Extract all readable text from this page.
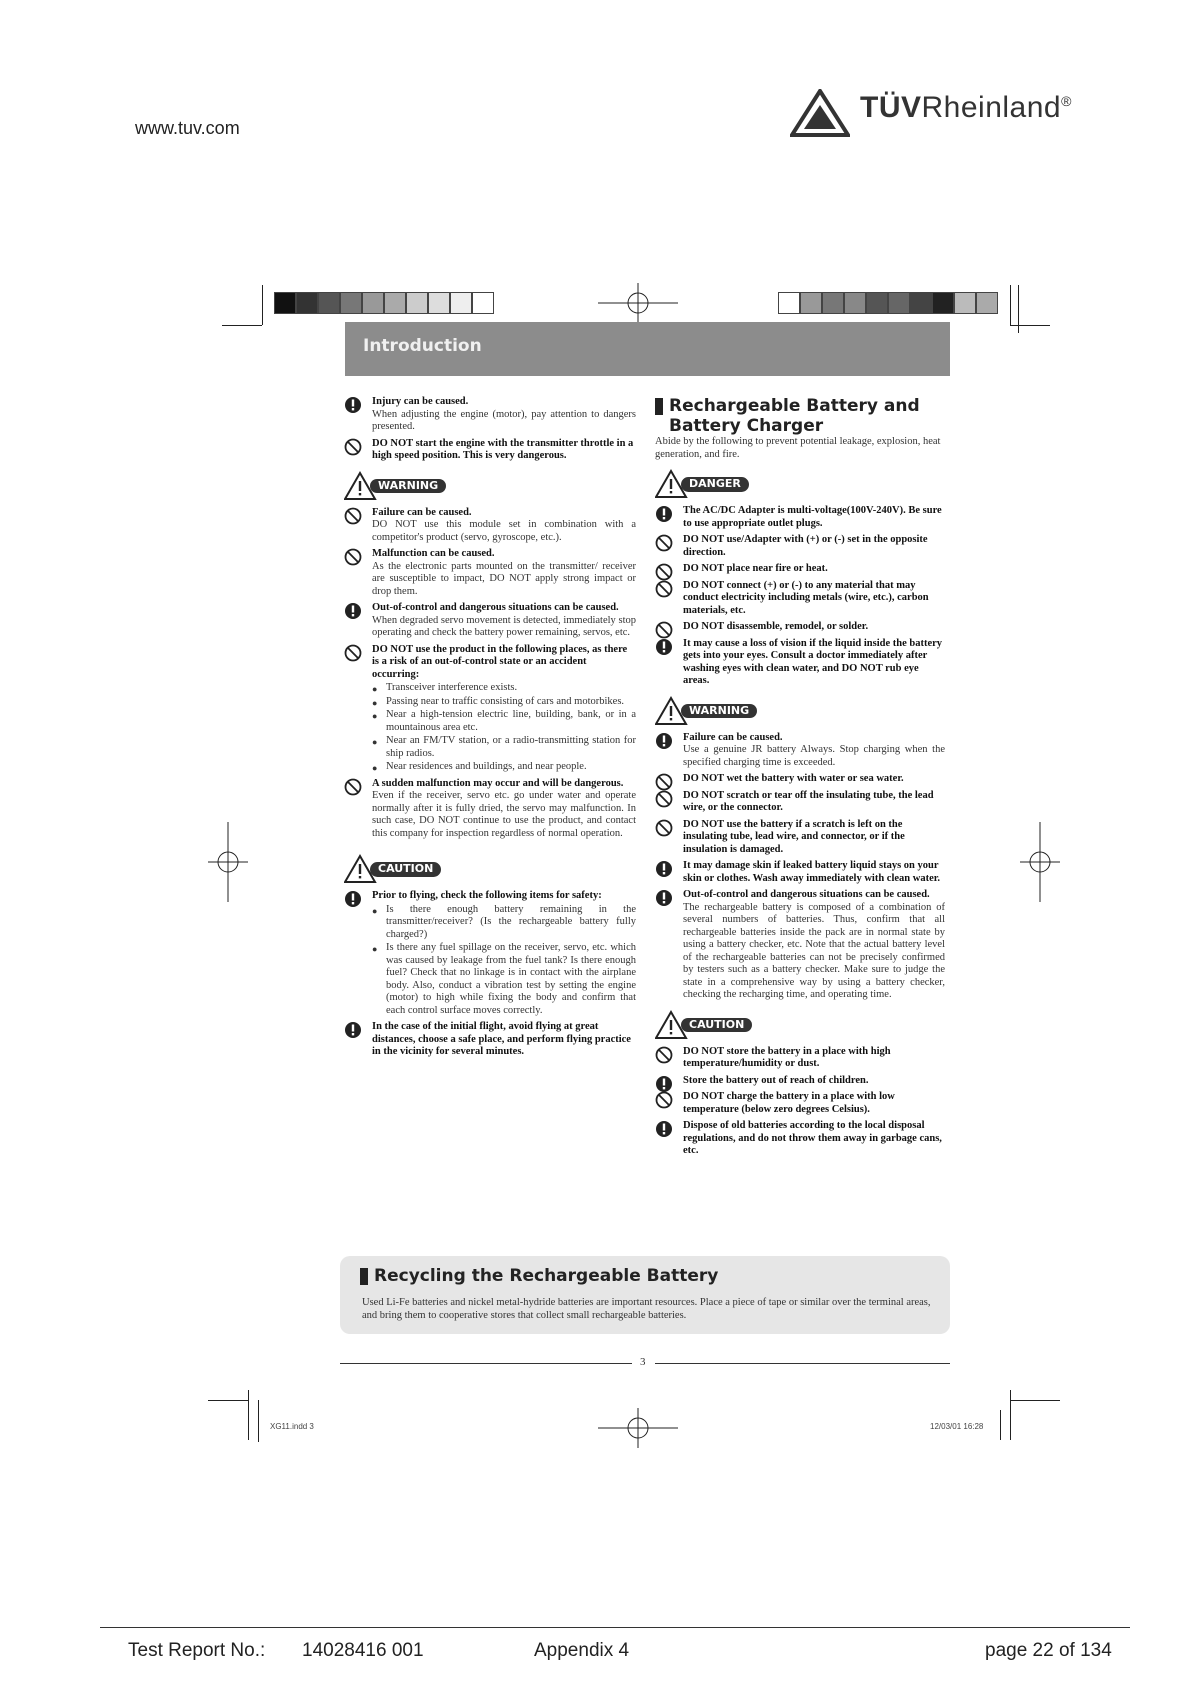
www.tuv.com
TÜVRheinland®
Introduction

Injury can be caused.

When adjusting the engine (motor), pay attention to dangers presented.

DO NOT start the engine with the transmitter throttle in a high speed position. This is very dangerous.

WARNING

Failure can be caused.

DO NOT use this module set in combination with a competitor's product (servo, gyroscope, etc.).

Malfunction can be caused.

As the electronic parts mounted on the transmitter/ receiver are susceptible to impact, DO NOT apply strong impact or drop them.

Out-of-control and dangerous situations can be caused.

When degraded servo movement is detected, immediately stop operating and check the battery power remaining, servos, etc.

DO NOT use the product in the following places, as there is a risk of an out-of-control state or an accident occurring:

● Transceiver interference exists.
● Passing near to traffic consisting of cars and motorbikes.
● Near a high-tension electric line, building, bank, or in a mountainous area etc.
● Near an FM/TV station, or a radio-transmitting station for ship radios.
● Near residences and buildings, and near people.

A sudden malfunction may occur and will be dangerous.

Even if the receiver, servo etc. go under water and operate normally after it is fully dried, the servo may malfunction. In such case, DO NOT continue to use the product, and contact this company for inspection regardless of normal operation.

CAUTION

Prior to flying, check the following items for safety:

● Is there enough battery remaining in the transmitter/receiver? (Is the rechargeable battery fully charged?)
● Is there any fuel spillage on the receiver, servo, etc. which was caused by leakage from the fuel tank? Is there enough fuel? Check that no linkage is in contact with the airplane body. Also, conduct a vibration test by setting the engine (motor) to high while fixing the body and confirm that each control surface moves correctly.

In the case of the initial flight, avoid flying at great distances, choose a safe place, and perform flying practice in the vicinity for several minutes.

Rechargeable Battery and
Battery Charger

Abide by the following to prevent potential leakage, explosion, heat generation, and fire.

DANGER

The AC/DC Adapter is multi-voltage(100V-240V). Be sure to use appropriate outlet plugs.

DO NOT use/Adapter with (+) or (-) set in the opposite direction.

DO NOT place near fire or heat.

DO NOT connect (+) or (-) to any material that may conduct electricity including metals (wire, etc.), carbon materials, etc.

DO NOT disassemble, remodel, or solder.

It may cause a loss of vision if the liquid inside the battery gets into your eyes. Consult a doctor immediately after washing eyes with clean water, and DO NOT rub eye areas.

WARNING

Failure can be caused.

Use a genuine JR battery Always. Stop charging when the specified charging time is exceeded.

DO NOT wet the battery with water or sea water.

DO NOT scratch or tear off the insulating tube, the lead wire, or the connector.

DO NOT use the battery if a scratch is left on the insulating tube, lead wire, and connector, or if the insulation is damaged.

It may damage skin if leaked battery liquid stays on your skin or clothes. Wash away immediately with clean water.

Out-of-control and dangerous situations can be caused.

The rechargeable battery is composed of a combination of several numbers of batteries. Thus, confirm that all rechargeable batteries inside the pack are in normal state by using a battery checker, etc. Note that the actual battery level of the rechargeable batteries can not be precisely confirmed by testers such as a battery checker. Make sure to judge the state in a comprehensive way by using a battery checker, checking the recharging time, and operating time.

CAUTION

DO NOT store the battery in a place with high temperature/humidity or dust.

Store the battery out of reach of children.

DO NOT charge the battery in a place with low temperature (below zero degrees Celsius).

Dispose of old batteries according to the local disposal regulations, and do not throw them away in garbage cans, etc.

Recycling the Rechargeable Battery

Used Li-Fe batteries and nickel metal-hydride batteries are important resources. Place a piece of tape or similar over the terminal areas, and bring them to cooperative stores that collect small rechargeable batteries.

3
XG11.indd 3	12/03/01 16:28
Test Report No.: 14028416 001	Appendix 4	page 22 of 134
